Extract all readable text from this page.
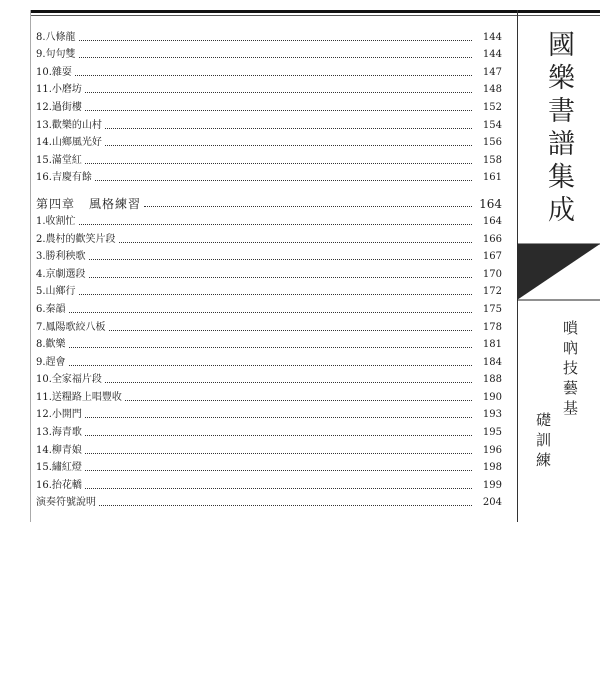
8.八條龍	144
9.句句雙	144
10.雜耍	147
11.小磨坊	148
12.過街樓	152
13.歡樂的山村	154
14.山鄉風光好	156
15.滿堂紅	158
16.吉慶有餘	161
第四章 風格練習	164
1.收割忙	164
2.農村的歡笑片段	166
3.勝利秧歌	167
4.京劇選段	170
5.山鄉行	172
6.秦韻	175
7.鳳陽歌絞八板	178
8.歡樂	181
9.趕會	184
10.全家福片段	188
11.送糧路上唱豐收	190
12.小開門	193
13.海青歌	195
14.柳青娘	196
15.繡紅燈	198
16.抬花轎	199
演奏符號說明	204
國樂書譜集成
嗩吶技藝基
礎訓練
